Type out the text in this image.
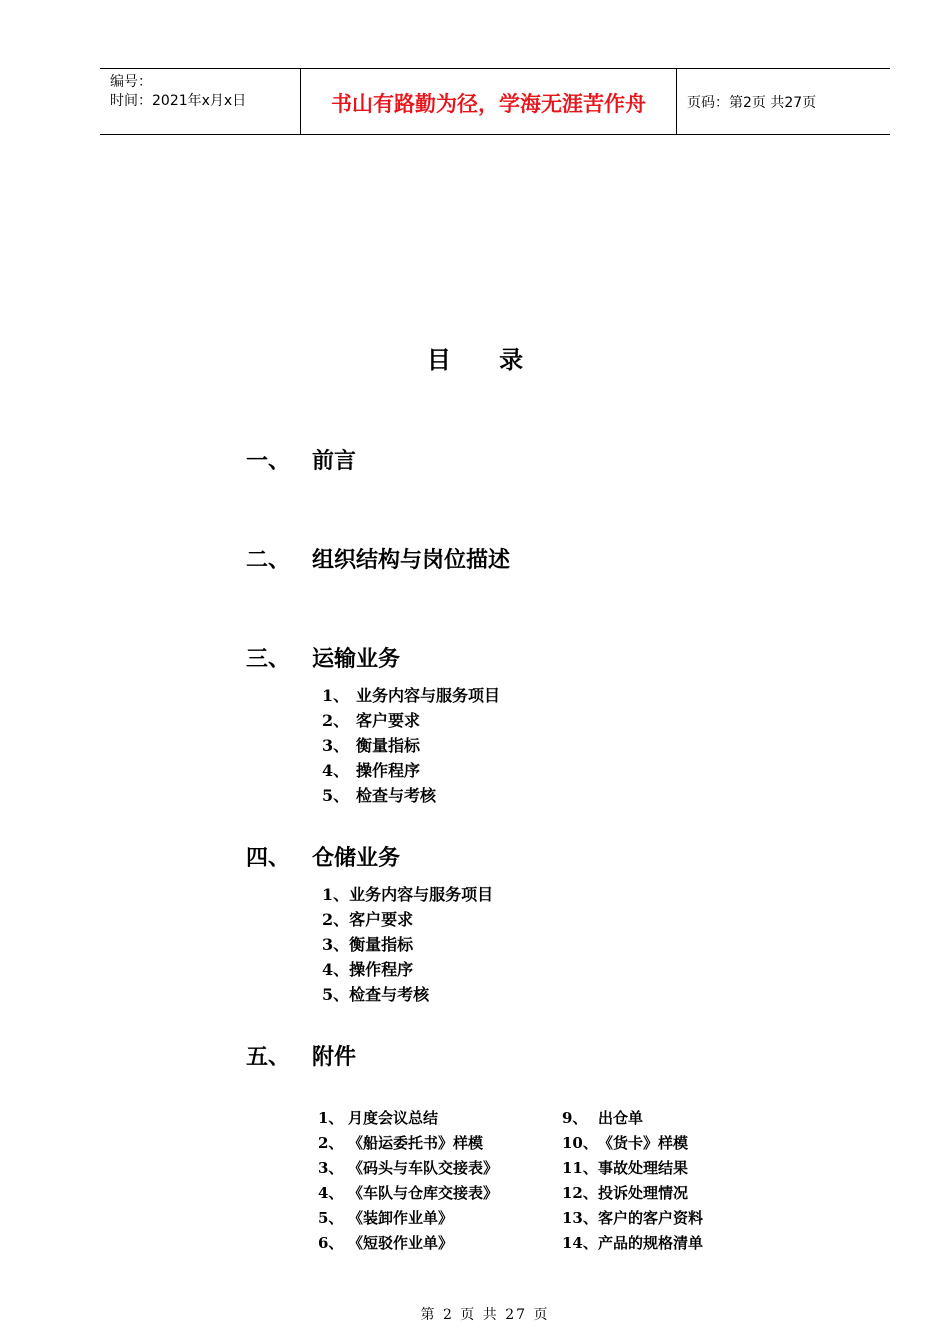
编号：
时间：2021年x月x日	书山有路勤为径，学海无涯苦作舟	页码：第2页 共27页
目 录
一、 前言
二、 组织结构与岗位描述
三、 运输业务
1、 业务内容与服务项目
2、 客户要求
3、 衡量指标
4、 操作程序
5、 检查与考核
四、 仓储业务
1、业务内容与服务项目
2、客户要求
3、衡量指标
4、操作程序
5、检查与考核
五、 附件
1、 月度会议总结
2、 《船运委托书》样模
3、 《码头与车队交接表》
4、 《车队与仓库交接表》
5、 《装卸作业单》
6、 《短驳作业单》
9、 出仓单
10、《货卡》样模
11、事故处理结果
12、投诉处理情况
13、客户的客户资料
14、产品的规格清单
第 2 页 共 27 页
